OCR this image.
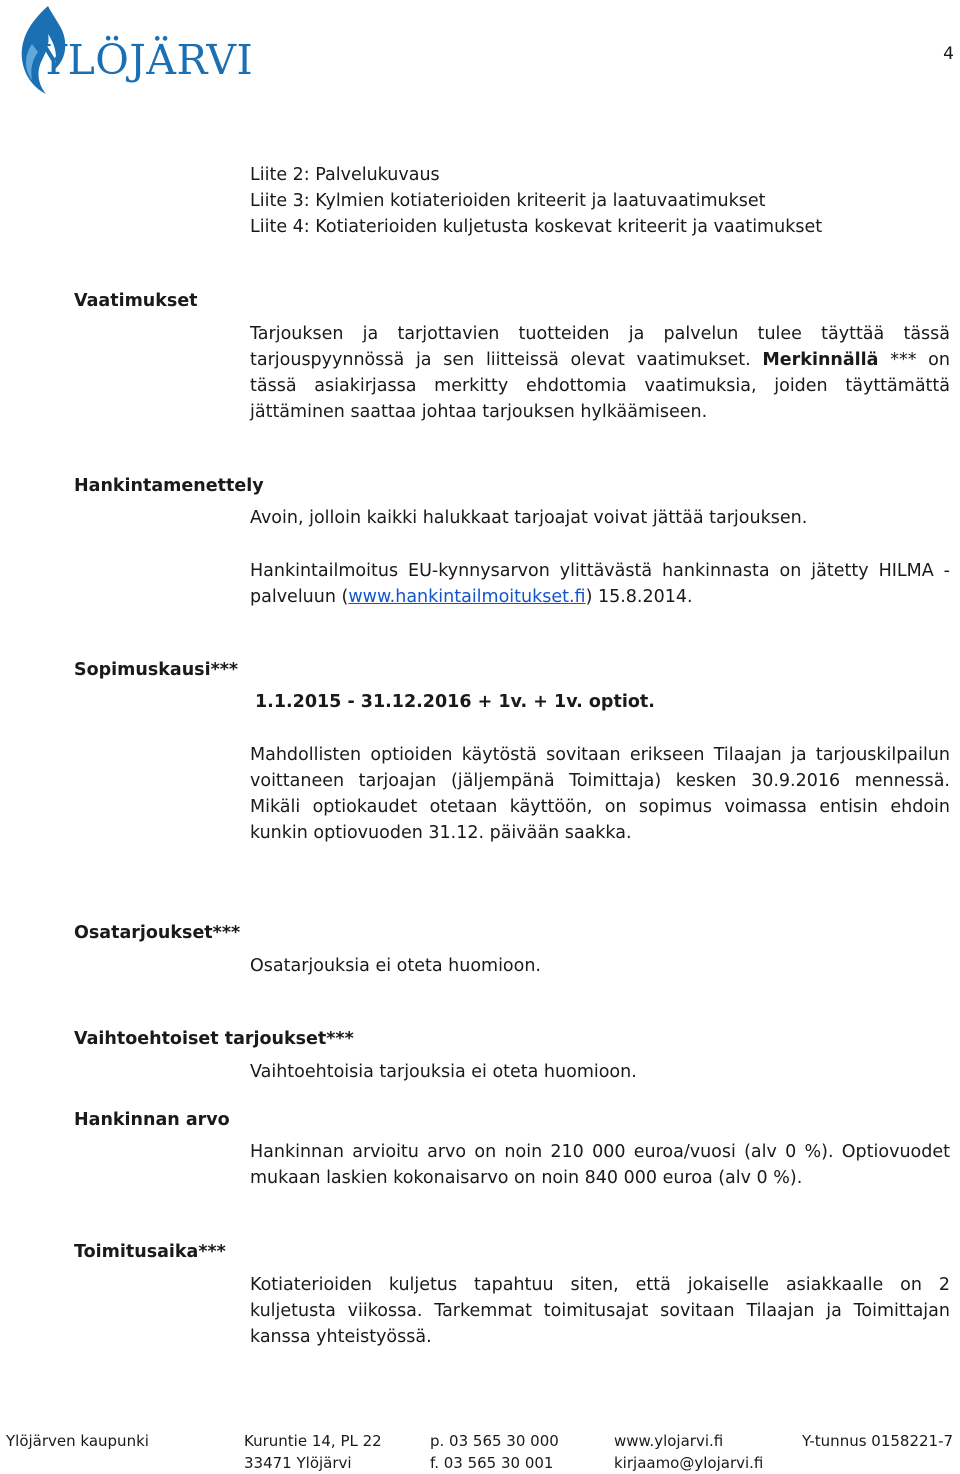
YLÖJÄRVI	4
Liite 2: Palvelukuvaus
Liite 3: Kylmien kotiaterioiden kriteerit ja laatuvaatimukset
Liite 4: Kotiaterioiden kuljetusta koskevat kriteerit ja vaatimukset
Vaatimukset
Tarjouksen ja tarjottavien tuotteiden ja palvelun tulee täyttää tässä tarjouspyynnössä ja sen liitteissä olevat vaatimukset. Merkinnällä *** on tässä asiakirjassa merkitty ehdottomia vaatimuksia, joiden täyttämättä jättäminen saattaa johtaa tarjouksen hylkäämiseen.
Hankintamenettely
Avoin, jolloin kaikki halukkaat tarjoajat voivat jättää tarjouksen.
Hankintailmoitus EU-kynnysarvon ylittävästä hankinnasta on jätetty HILMA -palveluun (www.hankintailmoitukset.fi) 15.8.2014.
Sopimuskausi***
1.1.2015 - 31.12.2016 + 1v. + 1v. optiot.
Mahdollisten optioiden käytöstä sovitaan erikseen Tilaajan ja tarjouskilpailun voittaneen tarjoajan (jäljempänä Toimittaja) kesken 30.9.2016 mennessä. Mikäli optiokaudet otetaan käyttöön, on sopimus voimassa entisin ehdoin kunkin optiovuoden 31.12. päivään saakka.
Osatarjoukset***
Osatarjouksia ei oteta huomioon.
Vaihtoehtoiset tarjoukset***
Vaihtoehtoisia tarjouksia ei oteta huomioon.
Hankinnan arvo
Hankinnan arvioitu arvo on noin 210 000 euroa/vuosi (alv 0 %). Optiovuodet mukaan laskien kokonaisarvo on noin 840 000 euroa (alv 0 %).
Toimitusaika***
Kotiaterioiden kuljetus tapahtuu siten, että jokaiselle asiakkaalle on 2 kuljetusta viikossa. Tarkemmat toimitusajat sovitaan Tilaajan ja Toimittajan kanssa yhteistyössä.
Ylöjärven kaupunki	Kuruntie 14, PL 22
33471 Ylöjärvi
p. 03 565 30 000
f. 03 565 30 001
www.ylojarvi.fi
kirjaamo@ylojarvi.fi
Y-tunnus 0158221-7
